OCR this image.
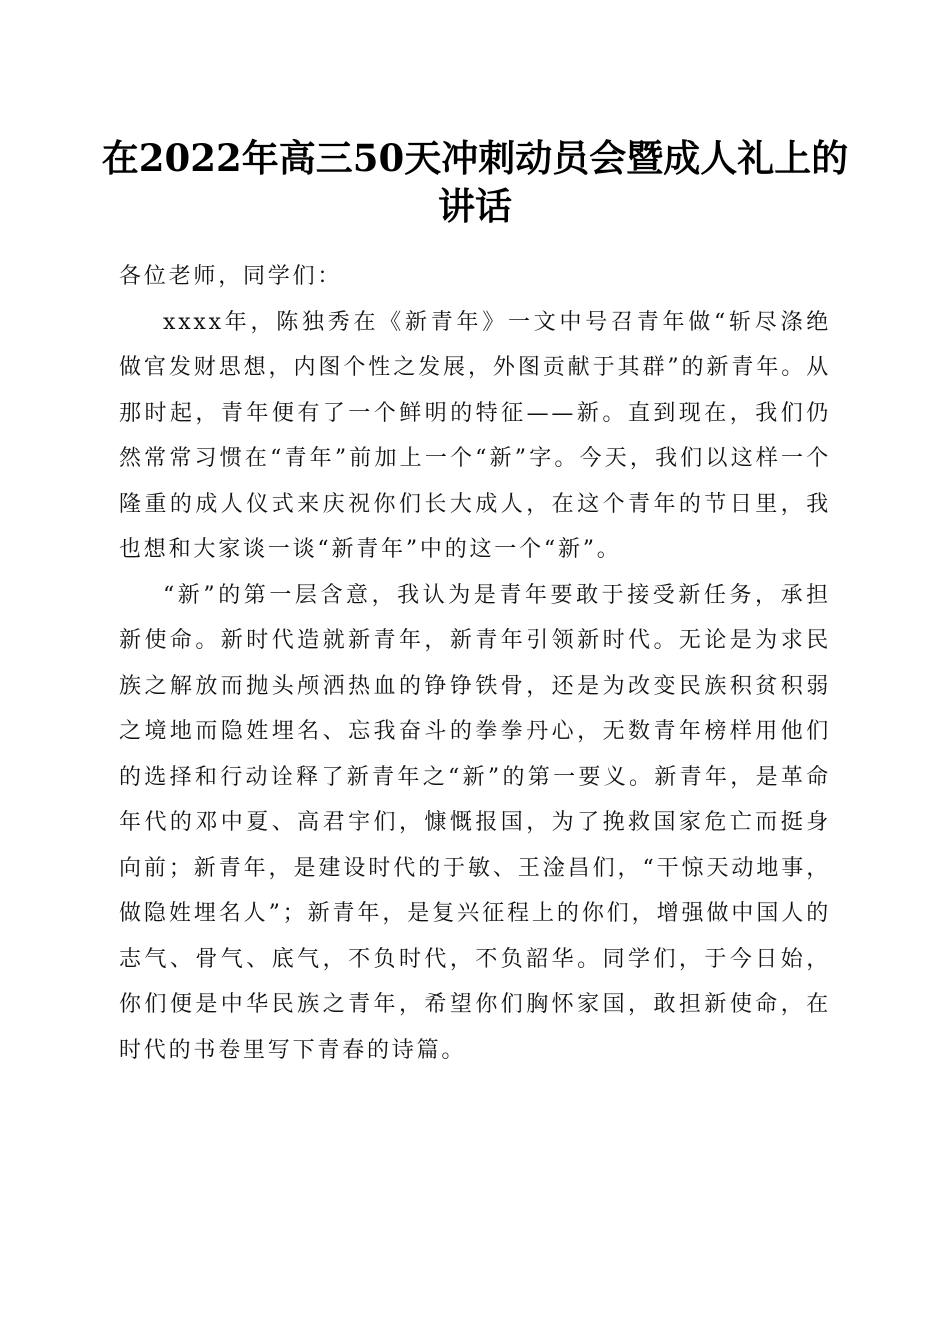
在2022年高三50天冲刺动员会暨成人礼上的
讲话

各位老师，同学们：

xxxx年，陈独秀在《新青年》一文中号召青年做“斩尽涤绝做官发财思想，内图个性之发展，外图贡献于其群”的新青年。从那时起，青年便有了一个鲜明的特征——新。直到现在，我们仍然常常习惯在“青年”前加上一个“新”字。今天，我们以这样一个隆重的成人仪式来庆祝你们长大成人，在这个青年的节日里，我也想和大家谈一谈“新青年”中的这一个“新”。

“新”的第一层含意，我认为是青年要敢于接受新任务，承担新使命。新时代造就新青年，新青年引领新时代。无论是为求民族之解放而抛头颅洒热血的铮铮铁骨，还是为改变民族积贫积弱之境地而隐姓埋名、忘我奋斗的拳拳丹心，无数青年榜样用他们的选择和行动诠释了新青年之“新”的第一要义。新青年，是革命年代的邓中夏、高君宇们，慷慨报国，为了挽救国家危亡而挺身向前；新青年，是建设时代的于敏、王淦昌们，“干惊天动地事，做隐姓埋名人”；新青年，是复兴征程上的你们，增强做中国人的志气、骨气、底气，不负时代，不负韶华。同学们，于今日始，你们便是中华民族之青年，希望你们胸怀家国，敢担新使命，在时代的书卷里写下青春的诗篇。
